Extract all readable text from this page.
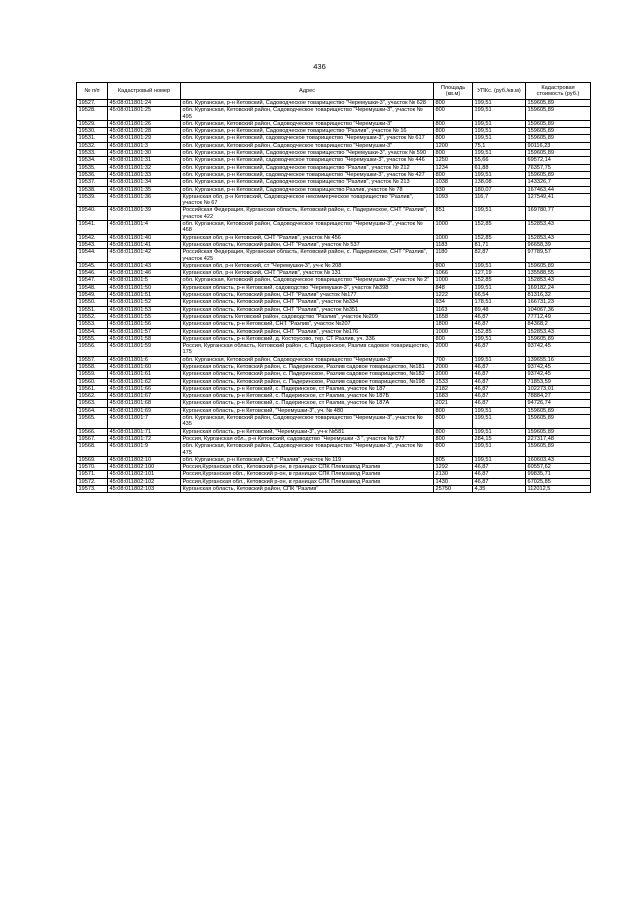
436
№ п/п	Кадастровый номер	Адрес	Площадь (кв.м)	УПКс. (руб./кв.м)	Кадастровая стоимость (руб.)
19527.	45:08:011801:24	обл. Курганская, р-н Кетовский, Садоводческое товарищество "Черемушки-3", участок № 628	800	199,51	159605,89
19528.	45:08:011801:25	обл. Курганская, Кетовский район, Садоводческое товарищество "Черемушки-3", участок № 495	800	199,51	159605,89
19529.	45:08:011801:26	обл. Курганская, Кетовский район, Садоводческое товарищество "Черемушки-3"	800	199,51	159605,89
19530.	45:08:011801:28	обл. Курганская, р-н Кетовский, Садоводческое товарищество "Разлив", участок № 16	800	199,51	159605,89
19531.	45:08:011801:29	обл. Курганская, р-н Кетовский, садоводческое товарищество "Черемушки-3", участок № 617	800	199,51	159605,89
19532.	45:08:011801:3	обл. Курганская, Кетовский район, Садоводческое товарищество "Черемушки-3"	1200	75,1	90116,23
19533.	45:08:011801:30	обл. Курганская, р-н Кетовский, Садоводческое товарищество "Черемушки-3", участок № 590	800	199,51	159605,89
19534.	45:08:011801:31	обл. Курганская, р-н Кетовский, садоводческое товарищество "Черемушки-3", участок № 446	1250	55,66	69572,14
19535.	45:08:011801:32	обл. Курганская, р-н Кетовский, Садоводческое товарищество "Разлив", участок № 212	1234	61,88	76357,75
19536.	45:08:011801:33	обл. Курганская, р-н Кетовский, садоводческое товарищество "Черемушки-3", участок № 427	800	199,51	159605,89
19537.	45:08:011801:34	обл. Курганская, р-н Кетовский, Садоводческое товарищество "Разлив", участок № 213	1038	138,08	143326,7
19538.	45:08:011801:35	обл. Курганская, р-н Кетовский, Садоводческое товарищество Разлив, участок № 78	930	180,07	167463,44
19539.	45:08:011801:36	Курганская обл, р-н Кетовский, Садоводческое некоммерческое товарищество "Разлив", участок № 67	1093	116,7	127549,41
19540.	45:08:011801:39	Российская Федерация, Курганская область, Кетовский район, с. Падеринское, СНТ "Разлив", участок 422	851	199,51	169780,77
19541.	45:08:011801:4	обл. Курганская, Кетовский район, Садоводческое товарищество "Черемушки-3", участок № 468	1000	152,85	152853,43
19542.	45:08:011801:40	Курганская обл, р-н Кетовский, СНТ "Разлив", участок № 456	1000	152,85	152853,43
19543.	45:08:011801:41	Курганская область, Кетовский район, СНТ "Разлив", участок № 537	1183	81,71	96658,39
19544.	45:08:011801:42	Российская Федерация, Курганская область, Кетовский район, с. Падеринское, СНТ "Разлив", участок 425	1180	82,87	97789,57
19545.	45:08:011801:43	Курганская обл, р-н Кетовский, ст "Черемушки-3", уч-к № 208	800	199,51	159605,89
19546.	45:08:011801:46	Курганская обл, р-н Кетовский, СНТ "Разлив", участок № 131	1066	127,19	135588,55
19547.	45:08:011801:5	обл. Курганская, Кетовский район, Садоводческое товарищество "Черемушки-3", участок № 2"	1000	152,85	152853,43
19548.	45:08:011801:50	Курганская область, р-н Кетовский, садоводство "Черемушки-3", участок №398	848	199,51	169182,24
19549.	45:08:011801:51	Курганская область, Кетовский район, СНТ "Разлив" участок №177	1222	66,54	81316,32
19550.	45:08:011801:52	Курганская область, Кетовский район, СНТ "Разлив", участок №334	934	178,51	166731,23
19551.	45:08:011801:53	Курганская область, Кетовский район, СНТ "Разлив", участок №351	1163	89,48	104067,36
19552.	45:08:011801:55	Курганская область Кетовский район, садоводство "Разлив", участок №209	1658	46,87	77712,49
19553.	45:08:011801:56	Курганская область, р-н Кетовский, СНТ "Разлив", участок №207	1800	46,87	84368,2
19554.	45:08:011801:57	Курганская область, Кетовский район, СНТ "Разлив", участок №176	1000	152,85	152853,43
19555.	45:08:011801:58	Курганская область, р-н Кетовский, д. Костоусово, тер. СТ Разлив, уч. 336	800	199,51	159605,89
19556.	45:08:011801:59	Россия, Курганская область, Кетовский район, с. Падеринское, Разлив садовое товарищество, 175	2000	46,87	93742,45
19557.	45:08:011801:6	обл. Курганская, Кетовский район, Садоводческое товарищество "Черемушки-3"	700	199,51	139655,16
19558.	45:08:011801:60	Курганская область, Кетовский район, с. Падеринское, Разлив садовое товарищество, №181	2000	46,87	93742,45
19559.	45:08:011801:61	Курганская область, Кетовский район, с. Падеринское, Разлив садовое товарищество, №182	2000	46,87	93742,45
19560.	45:08:011801:62	Курганская область, Кетовский район, с. Падеринское, Разлив садовое товарищество, №198	1533	46,87	71853,59
19561.	45:08:011801:66	Курганская область, р-н Кетовский, с. Падеринское, ст Разлив, участок № 187	2182	46,87	102273,01
19562.	45:08:011801:67	Курганская область, р-н Кетовский, с. Падеринское, ст Разлив, участок № 187Б	1683	46,87	78884,27
19563.	45:08:011801:68	Курганская область, р-н Кетовский, с. Падеринское, ст Разлив, участок № 187А	2021	46,87	94726,74
19564.	45:08:011801:69	Курганская область, р-н Кетовский, "Черемушки-3", уч. № 480	800	199,51	159605,89
19565.	45:08:011801:7	обл. Курганская, Кетовский район, Садоводческое товарищество "Черемушки-3", участок № 435	800	199,51	159605,89
19566.	45:08:011801:71	Курганская область, р-н Кетовский, "Черемушки-3", уч-к №581	800	199,51	159605,89
19567.	45:08:011801:72	Россия, Курганская обл., р-н Кетовский, садоводство "Черемушки -3 ", участок № 577	800	284,15	227317,48
19568.	45:08:011801:9	обл. Курганская, Кетовский район, Садоводческое товарищество "Черемушки-3", участок № 475	800	199,51	159605,89
19569.	45:08:011802:10	обл. Курганская, р-н Кетовский, С.т. " Разлив", участок № 119	805	199,51	160603,43
19570.	45:08:011802:100	Россия,Курганская обл., Кетовский р-он, в границах СПК Племзавод Разлив	1292	46,87	60557,62
19571.	45:08:011802:101	Россия,Курганская обл., Кетовский р-он, в границах СПК Племзавод Разлив	2130	46,87	99835,71
19572.	45:08:011802:102	Россия,Курганская обл., Кетовский р-он, в границах СПК Племзавод Разлив	1430	46,87	67025,85
19573.	45:08:011802:103	Курганская область, Кетовский район, СПК "Разлив"	25750	4,35	112012,5
